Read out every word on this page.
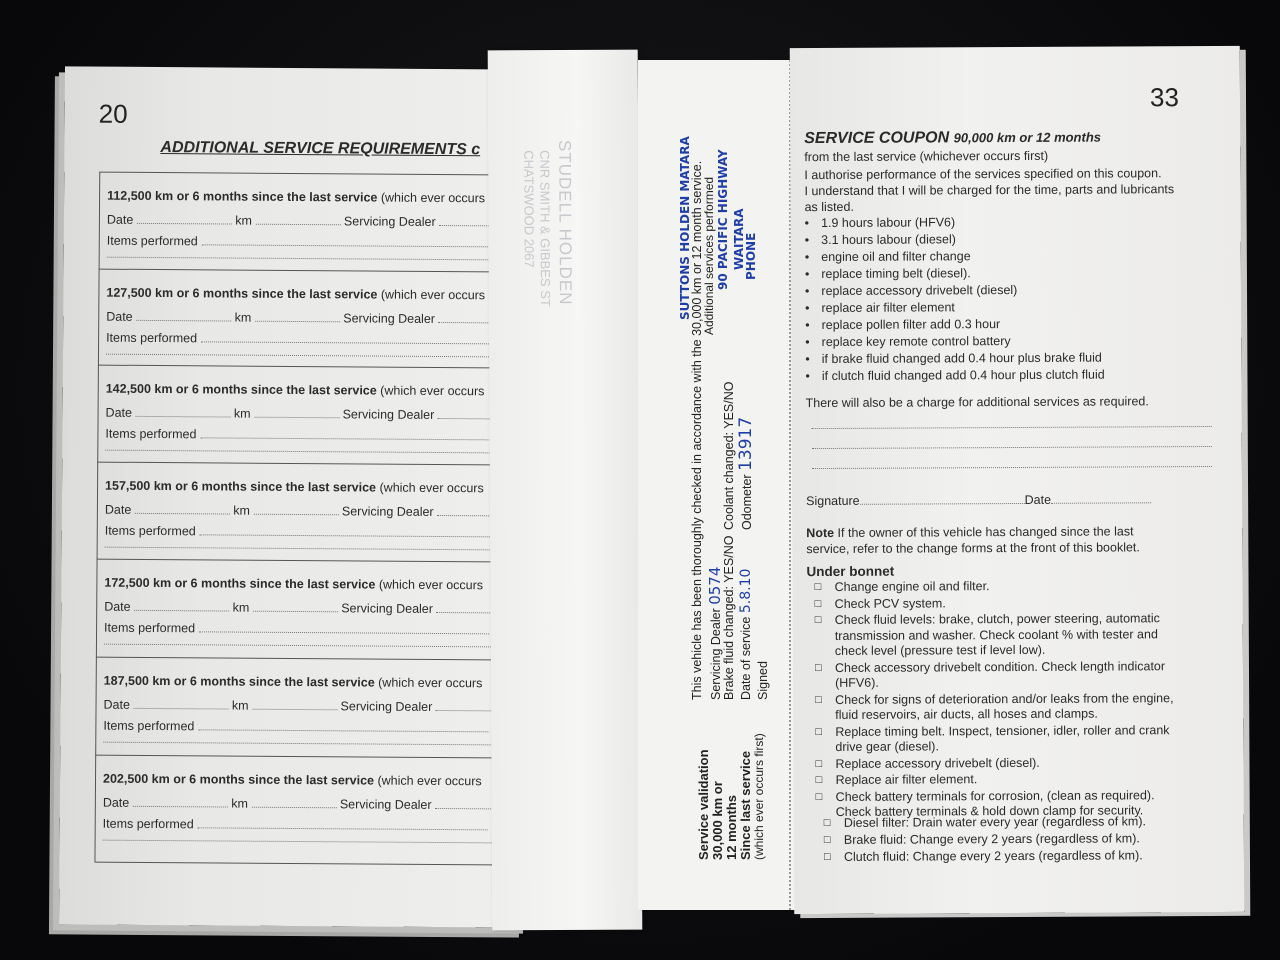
20
ADDITIONAL SERVICE REQUIREMENTS c
112,500 km or 6 months since the last service (which ever occurs
Date	km	Servicing Dealer
Items performed
127,500 km or 6 months since the last service (which ever occurs
Date	km	Servicing Dealer
Items performed
142,500 km or 6 months since the last service (which ever occurs
Date	km	Servicing Dealer
Items performed
157,500 km or 6 months since the last service (which ever occurs
Date	km	Servicing Dealer
Items performed
172,500 km or 6 months since the last service (which ever occurs
Date	km	Servicing Dealer
Items performed
187,500 km or 6 months since the last service (which ever occurs
Date	km	Servicing Dealer
Items performed
202,500 km or 6 months since the last service (which ever occurs
Date	km	Servicing Dealer
Items performed
STUDELL HOLDEN
CNR SMITH & GIBBES ST
CHATSWOOD 2067
Service validation 30,000 km or 12 months Since last service (which ever occurs first)
This vehicle has been thoroughly checked in accordance with the 30,000 km or 12 month service. Servicing Dealer 0574
Brake fluid changed: YES/NO
Coolant changed: YES/NO
Date of service 5.8.10
Odometer 13917
Signed
Additional services performed
SUTTONS HOLDEN MATARA 90 PACIFIC HIGHWAY WAITARA
PHONE
33
SERVICE COUPON 90,000 km or 12 months
from the last service (whichever occurs first)
I authorise performance of the services specified on this coupon.
I understand that I will be charged for the time, parts and lubricants
as listed.
• 1.9 hours labour (HFV6)
• 3.1 hours labour (diesel)
• engine oil and filter change
• replace timing belt (diesel).
• replace accessory drivebelt (diesel)
• replace air filter element
• replace pollen filter add 0.3 hour
• replace key remote control battery
• if brake fluid changed add 0.4 hour plus brake fluid
• if clutch fluid changed add 0.4 hour plus clutch fluid
There will also be a charge for additional services as required.
Signature	Date
Note If the owner of this vehicle has changed since the last
service, refer to the change forms at the front of this booklet.
Under bonnet
□ Change engine oil and filter.
□ Check PCV system.
□ Check fluid levels: brake, clutch, power steering, automatic
transmission and washer. Check coolant % with tester and
check level (pressure test if level low).
□ Check accessory drivebelt condition. Check length indicator
(HFV6).
□ Check for signs of deterioration and/or leaks from the engine,
fluid reservoirs, air ducts, all hoses and clamps.
□ Replace timing belt. Inspect, tensioner, idler, roller and crank
drive gear (diesel).
□ Replace accessory drivebelt (diesel).
□ Replace air filter element.
□ Check battery terminals for corrosion, (clean as required).
Check battery terminals & hold down clamp for security.
□ Diesel filter: Drain water every year (regardless of km).
□ Brake fluid: Change every 2 years (regardless of km).
□ Clutch fluid: Change every 2 years (regardless of km).
